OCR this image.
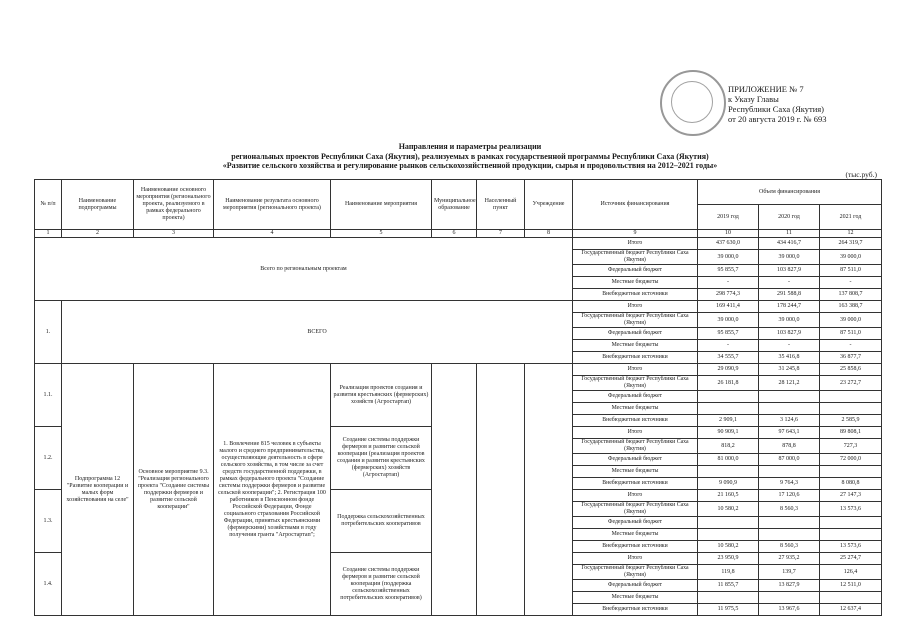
ПРИЛОЖЕНИЕ № 7
к Указу Главы
Республики Саха (Якутия)
от 20 августа 2019 г. № 693
Направления и параметры реализации
региональных проектов Республики Саха (Якутия), реализуемых в рамках государственной программы Республики Саха (Якутия)
«Развитие сельского хозяйства и регулирование рынков сельскохозяйственной продукции, сырья и продовольствия на 2012–2021 годы»
(тыс.руб.)
№ п/п	Наименование подпрограммы	Наименование основного мероприятия (регионального проекта, реализуемого в рамках федерального проекта)	Наименование результата основного мероприятия (регионального проекта)	Наименование мероприятия	Муниципальное образование	Населенный пункт	Учреждение	Источник финансирования	Объем финансирования		
									2019 год	2020 год	2021 год
1	2	3	4	5	6	7	8	9	10	11	12
Всего по региональным проектам								Итого	437 630,0	434 416,7	264 319,7
								Государственный бюджет Республики Саха (Якутия)	39 000,0	39 000,0	39 000,0
								Федеральный бюджет	95 855,7	103 827,9	87 511,0
								Местные бюджеты	-	-	-
								Внебюджетные источники	298 774,3	291 588,8	137 808,7
1.	ВСЕГО							Итого	169 411,4	178 244,7	163 388,7
								Государственный бюджет Республики Саха (Якутия)	39 000,0	39 000,0	39 000,0
								Федеральный бюджет	95 855,7	103 827,9	87 511,0
								Местные бюджеты	-	-	-
								Внебюджетные источники	34 555,7	35 416,8	36 877,7
1.1.	Подпрограмма 12 "Развитие кооперации и малых форм хозяйствования на селе"	Основное мероприятие 9.3. "Реализация регионального проекта "Создание системы поддержки фермеров и развитие сельской кооперации"	1. Вовлечение 815 человек в субъекты малого и среднего предпринимательства, осуществляющие деятельность в сфере сельского хозяйства, в том числе за счет средств государственной поддержки, в рамках федерального проекта "Создание системы поддержки фермеров и развитие сельской кооперации"; 2. Регистрация 100 работников в Пенсионном фонде Российской Федерации, Фонде социального страхования Российской Федерации, принятых крестьянскими (фермерскими) хозяйствами в году получения гранта "Агростартап";	Реализация проектов создания и развития крестьянских (фермерских) хозяйств (Агростартап)				Итого	29 090,9	31 245,8	25 858,6
								Государственный бюджет Республики Саха (Якутия)	26 181,8	28 121,2	23 272,7
								Федеральный бюджет			
								Местные бюджеты			
								Внебюджетные источники	2 909,1	3 124,6	2 585,9
1.2.				Создание системы поддержки фермеров и развитие сельской кооперации (реализация проектов создания и развития крестьянских (фермерских) хозяйств (Агростартап)				Итого	90 909,1	97 643,1	89 808,1
								Государственный бюджет Республики Саха (Якутия)	818,2	878,8	727,3
								Федеральный бюджет	81 000,0	87 000,0	72 000,0
								Местные бюджеты			
								Внебюджетные источники	9 090,9	9 764,3	8 080,8
1.3.				Поддержка сельскохозяйственных потребительских кооперативов				Итого	21 160,5	17 120,6	27 147,3
								Государственный бюджет Республики Саха (Якутия)	10 580,2	8 560,3	13 573,6
								Федеральный бюджет			
								Местные бюджеты			
								Внебюджетные источники	10 580,2	8 560,3	13 573,6
1.4.				Создание системы поддержки фермеров и развитие сельской кооперации (поддержка сельскохозяйственных потребительских кооперативов)				Итого	23 950,9	27 935,2	25 274,7
								Государственный бюджет Республики Саха (Якутия)	119,8	139,7	126,4
								Федеральный бюджет	11 855,7	13 827,9	12 511,0
								Местные бюджеты			
								Внебюджетные источники	11 975,5	13 967,6	12 637,4
